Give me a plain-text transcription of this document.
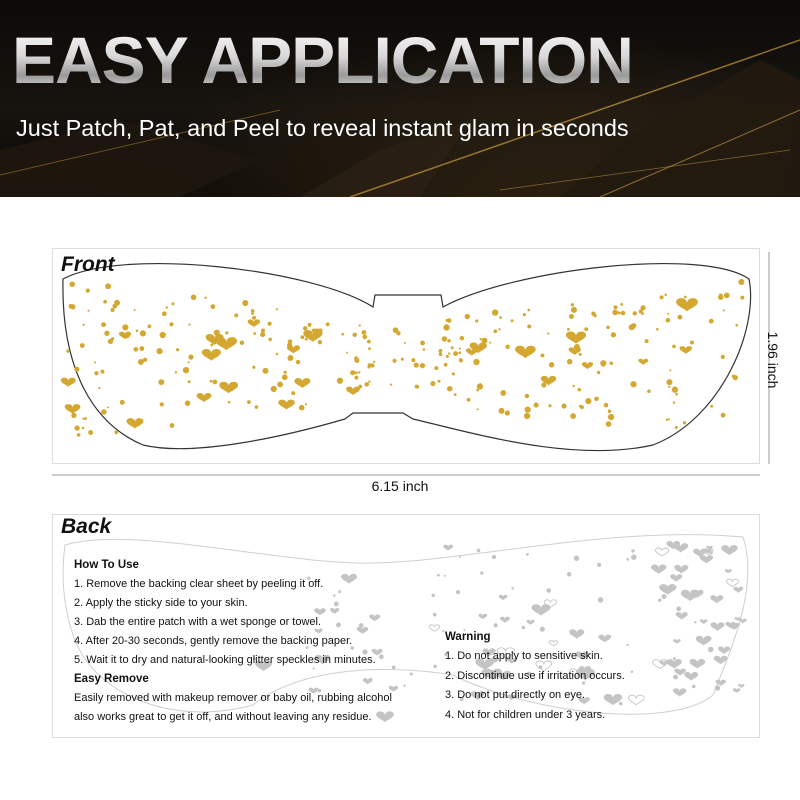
EASY APPLICATION

Just Patch, Pat, and Peel to reveal instant glam in seconds

Front
6.15 inch
1.96 inch
Back
How To Use

1. Remove the backing clear sheet by peeling it off.

2. Apply the sticky side to your skin.

3. Dab the entire patch with a wet sponge or towel.

4. After 20-30 seconds, gently remove the backing paper.

5. Wait it to dry and natural-looking glitter speckles in minutes.

Easy Remove

Easily removed with makeup remover or baby oil, rubbing alcohol

also works great to get it off, and without leaving any residue.

Warning

1. Do not apply to sensitive skin.

2. Discontinue use if irritation occurs.

3. Do not put directly on eye.

4. Not for children under 3 years.
